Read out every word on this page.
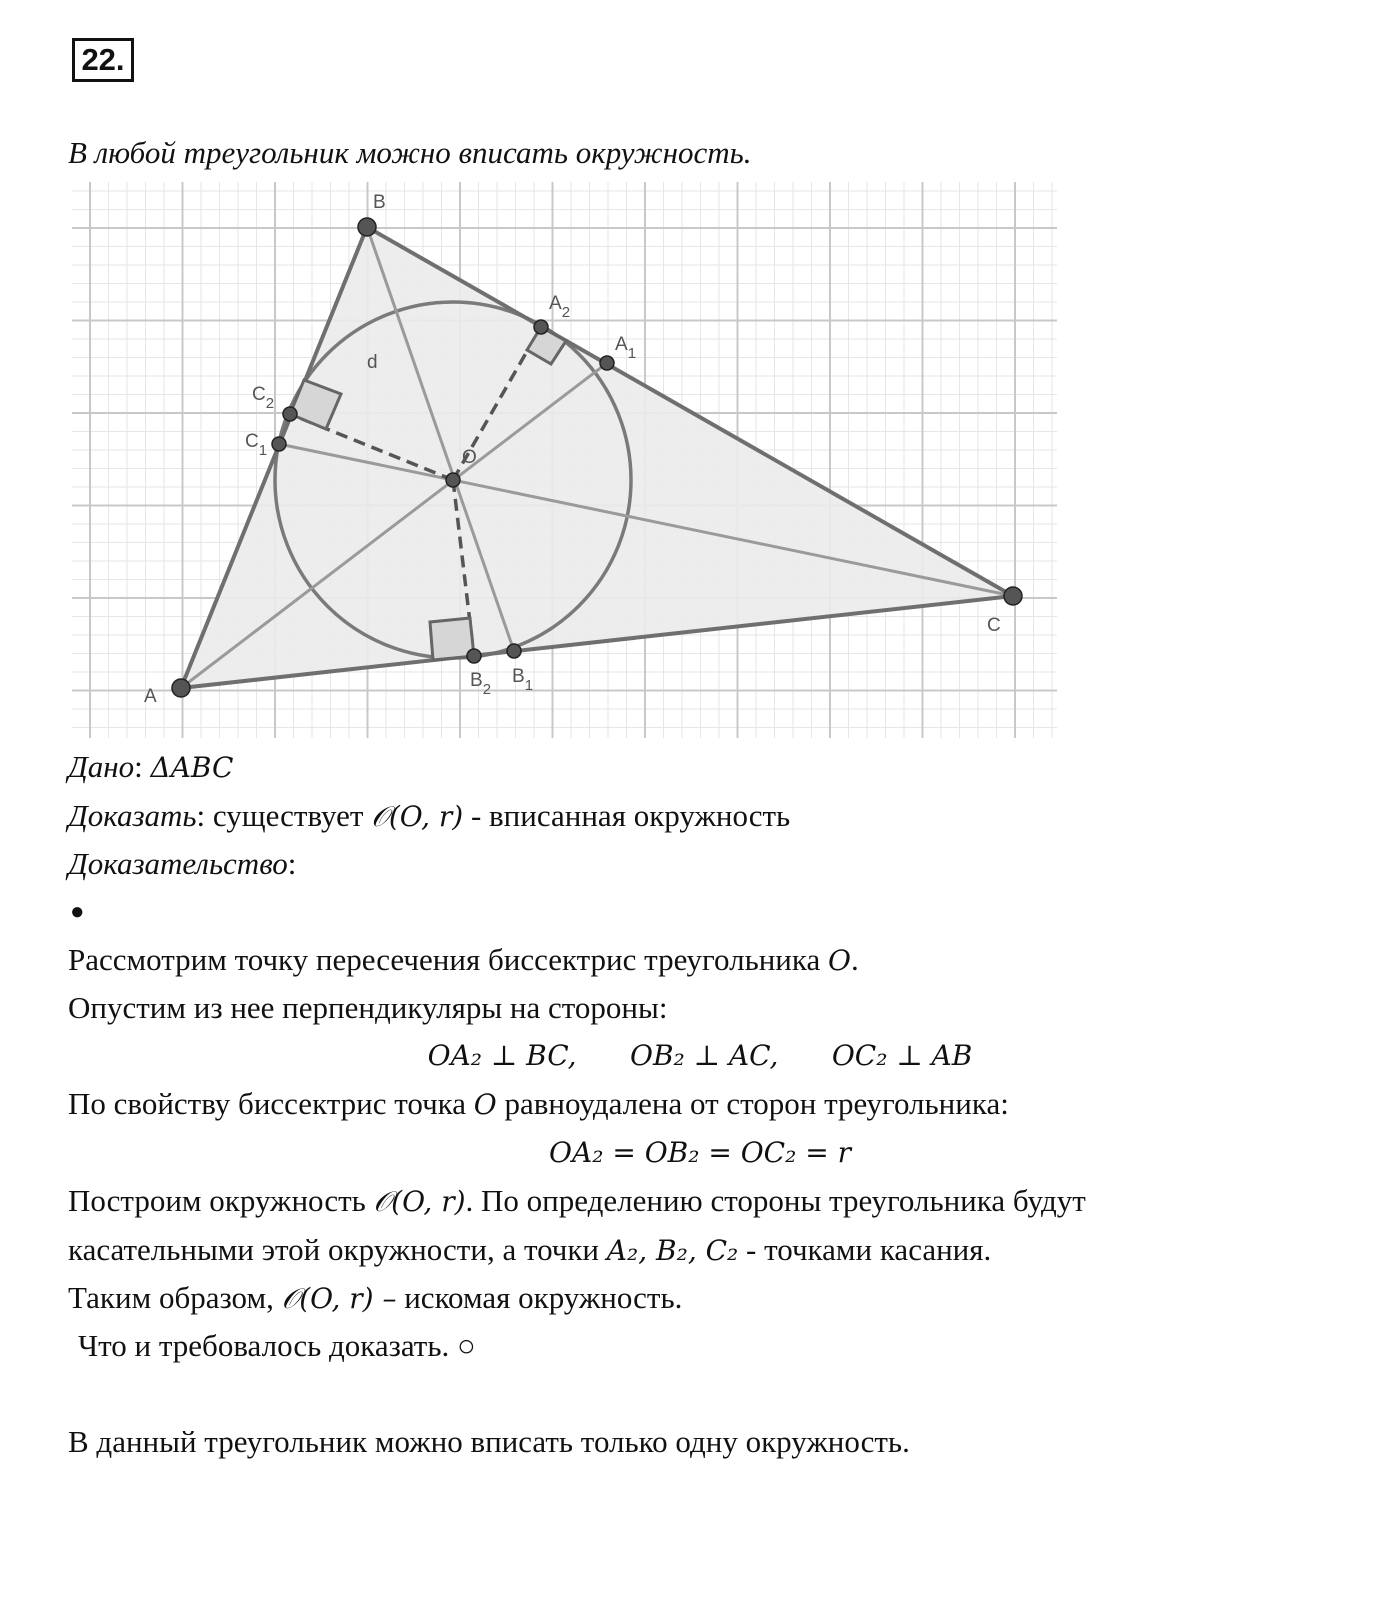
22.
В любой треугольник можно вписать окружность.
A
B
C
O
d
$A_1$
$A_2$
$B_1$
$B_2$
$C_1$
$C_2$
Дано: ΔABC
Доказать: существует 𝒪(O, r) - вписанная окружность
Доказательство:
●
Рассмотрим точку пересечения биссектрис треугольника O.
Опустим из нее перпендикуляры на стороны:
OA₂ ⊥ BC,      OB₂ ⊥ AC,      OC₂ ⊥ AB
По свойству биссектрис точка O равноудалена от сторон треугольника:
OA₂ = OB₂ = OC₂ = r
Построим окружность 𝒪(O, r). По определению стороны треугольника будут
касательными этой окружности, а точки A₂, B₂, C₂ - точками касания.
Таким образом, 𝒪(O, r) – искомая окружность.
Что и требовалось доказать. ○
В данный треугольник можно вписать только одну окружность.
